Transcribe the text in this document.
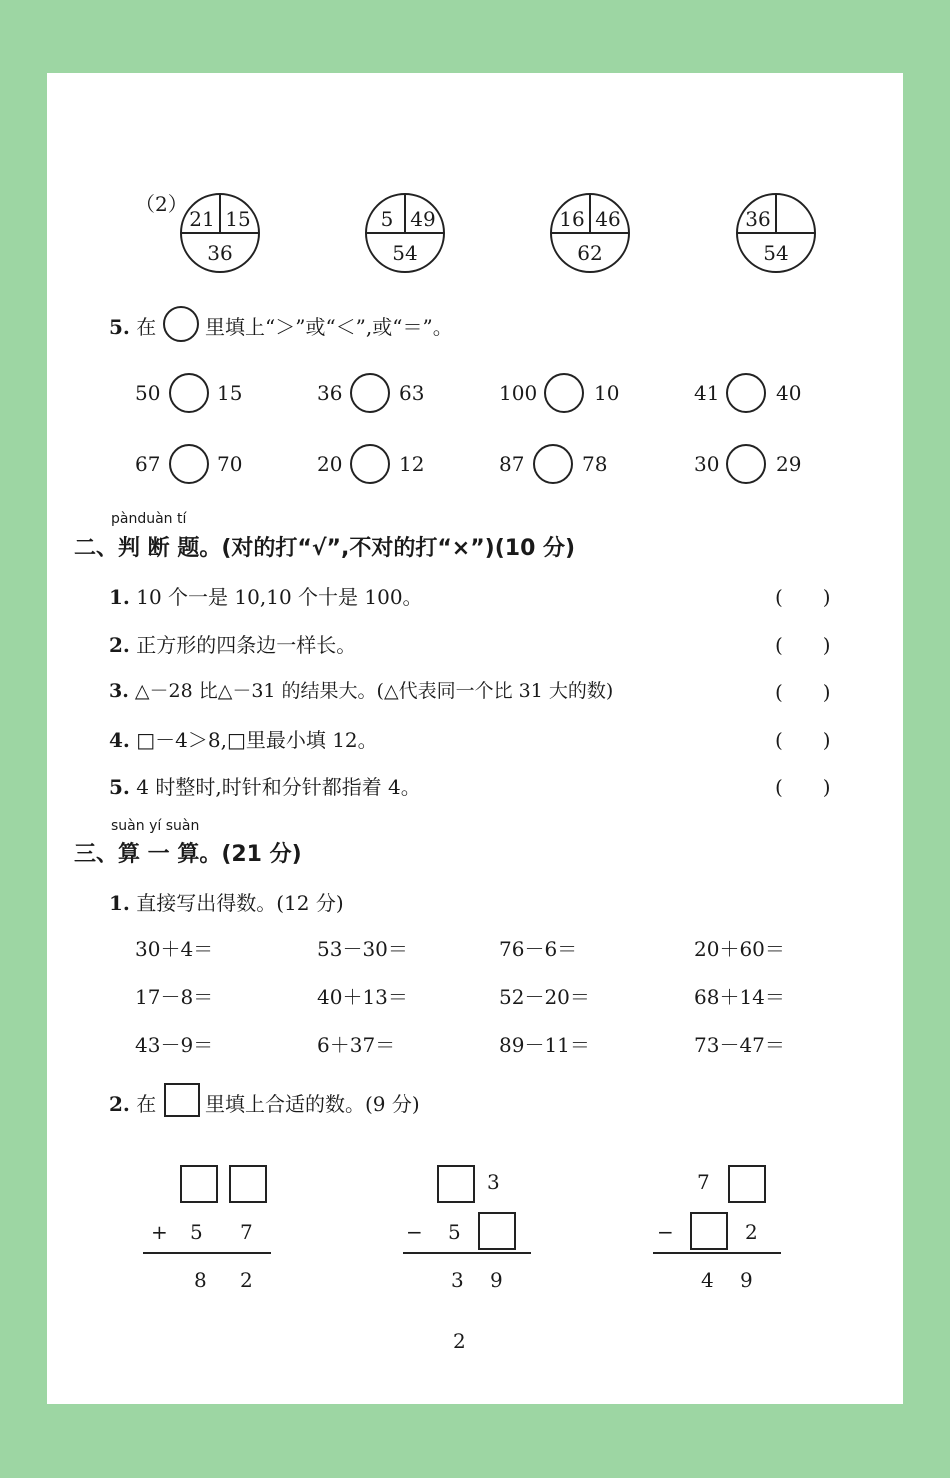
（2）
21 15
36
5 49
54
16 46
62
36
54
5. 在 里填上“＞”或“＜”,或“＝”。
50	15	36	63	100	10	41	40
67	70	20	12	87	78	30	29
pànduàn tí
二、判 断 题。(对的打“√”,不对的打“×”)(10 分)
1. 10 个一是 10,10 个十是 100。	(　　)
2. 正方形的四条边一样长。	(　　)
3. △－28 比△－31 的结果大。(△代表同一个比 31 大的数)	(　　)
4. □－4＞8,□里最小填 12。	(　　)
5. 4 时整时,时针和分针都指着 4。	(　　)
suàn yí suàn
三、算 一 算。(21 分)
1. 直接写出得数。(12 分)
30＋4＝	53－30＝	76－6＝	20＋60＝
17－8＝	40＋13＝	52－20＝	68＋14＝
43－9＝	6＋37＝	89－11＝	73－47＝
2. 在 里填上合适的数。(9 分)
+ 5 7
8 2
3
− 5
3 9
7
−	2
4 9
2
